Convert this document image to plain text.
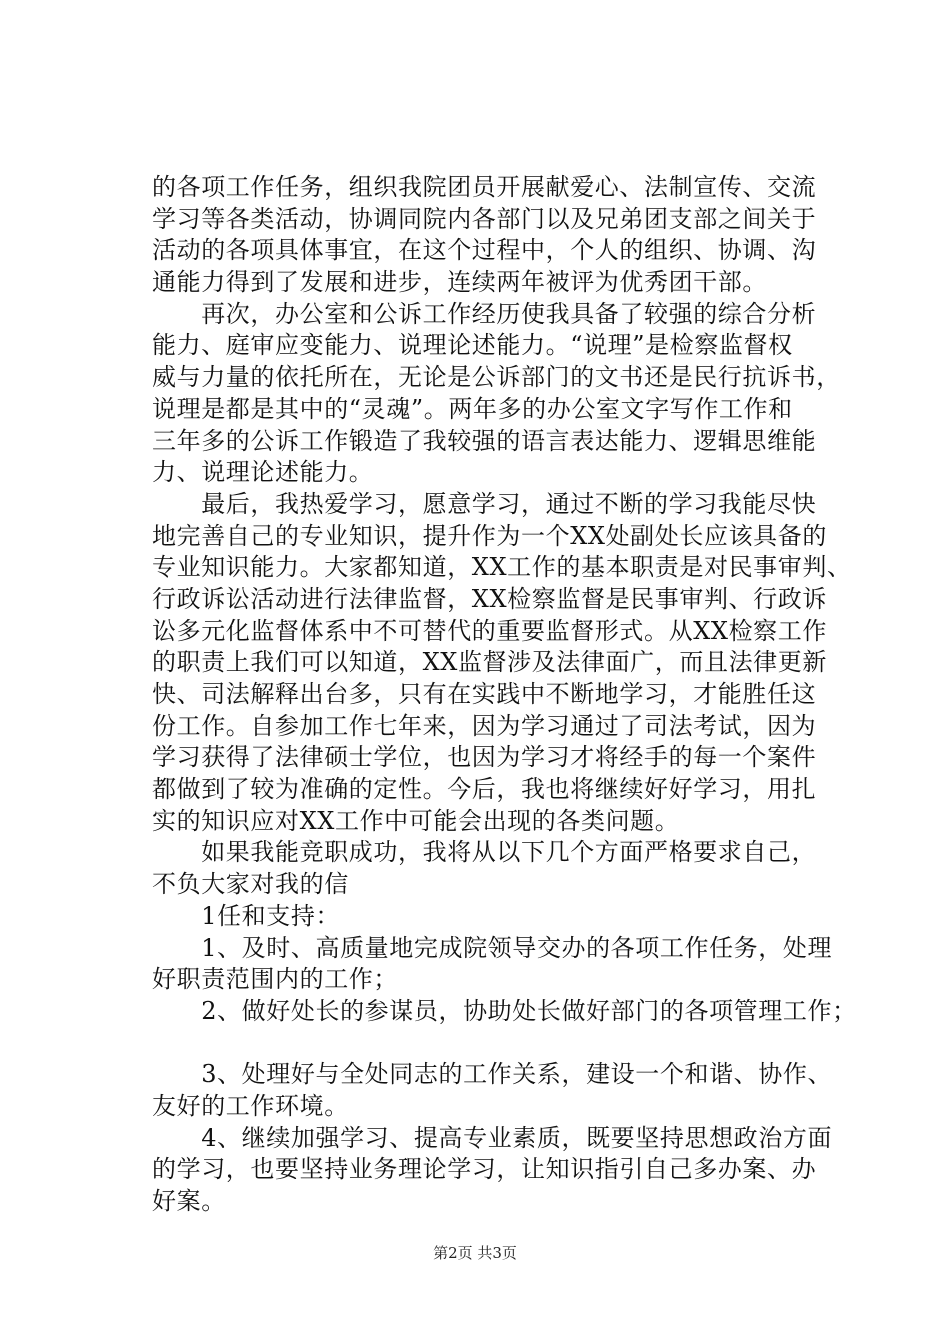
的各项工作任务，组织我院团员开展献爱心、法制宣传、交流
学习等各类活动，协调同院内各部门以及兄弟团支部之间关于
活动的各项具体事宜，在这个过程中，个人的组织、协调、沟
通能力得到了发展和进步，连续两年被评为优秀团干部。
　　再次，办公室和公诉工作经历使我具备了较强的综合分析
能力、庭审应变能力、说理论述能力。“说理”是检察监督权
威与力量的依托所在，无论是公诉部门的文书还是民行抗诉书，
说理是都是其中的“灵魂”。两年多的办公室文字写作工作和
三年多的公诉工作锻造了我较强的语言表达能力、逻辑思维能
力、说理论述能力。
　　最后，我热爱学习，愿意学习，通过不断的学习我能尽快
地完善自己的专业知识，提升作为一个XX处副处长应该具备的
专业知识能力。大家都知道，XX工作的基本职责是对民事审判、
行政诉讼活动进行法律监督，XX检察监督是民事审判、行政诉
讼多元化监督体系中不可替代的重要监督形式。从XX检察工作
的职责上我们可以知道，XX监督涉及法律面广，而且法律更新
快、司法解释出台多，只有在实践中不断地学习，才能胜任这
份工作。自参加工作七年来，因为学习通过了司法考试，因为
学习获得了法律硕士学位，也因为学习才将经手的每一个案件
都做到了较为准确的定性。今后，我也将继续好好学习，用扎
实的知识应对XX工作中可能会出现的各类问题。
　　如果我能竞职成功，我将从以下几个方面严格要求自己，
不负大家对我的信
　　1任和支持：
　　1、及时、高质量地完成院领导交办的各项工作任务，处理
好职责范围内的工作；
　　2、做好处长的参谋员，协助处长做好部门的各项管理工作；
　　3、处理好与全处同志的工作关系，建设一个和谐、协作、
友好的工作环境。
　　4、继续加强学习、提高专业素质，既要坚持思想政治方面
的学习，也要坚持业务理论学习，让知识指引自己多办案、办
好案。
第2页 共3页
